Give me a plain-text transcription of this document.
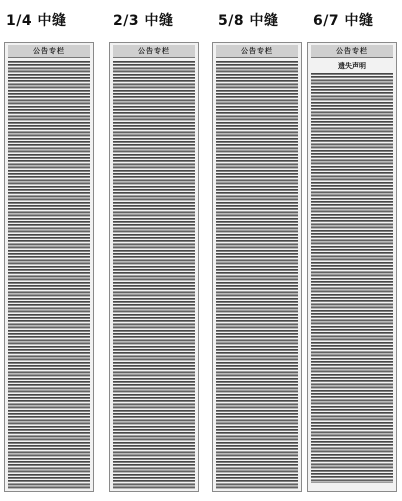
1/4 中缝	2/3 中缝	5/8 中缝 6/7 中缝
公告专栏	公告专栏	公告专栏	公告专栏
遗失声明
